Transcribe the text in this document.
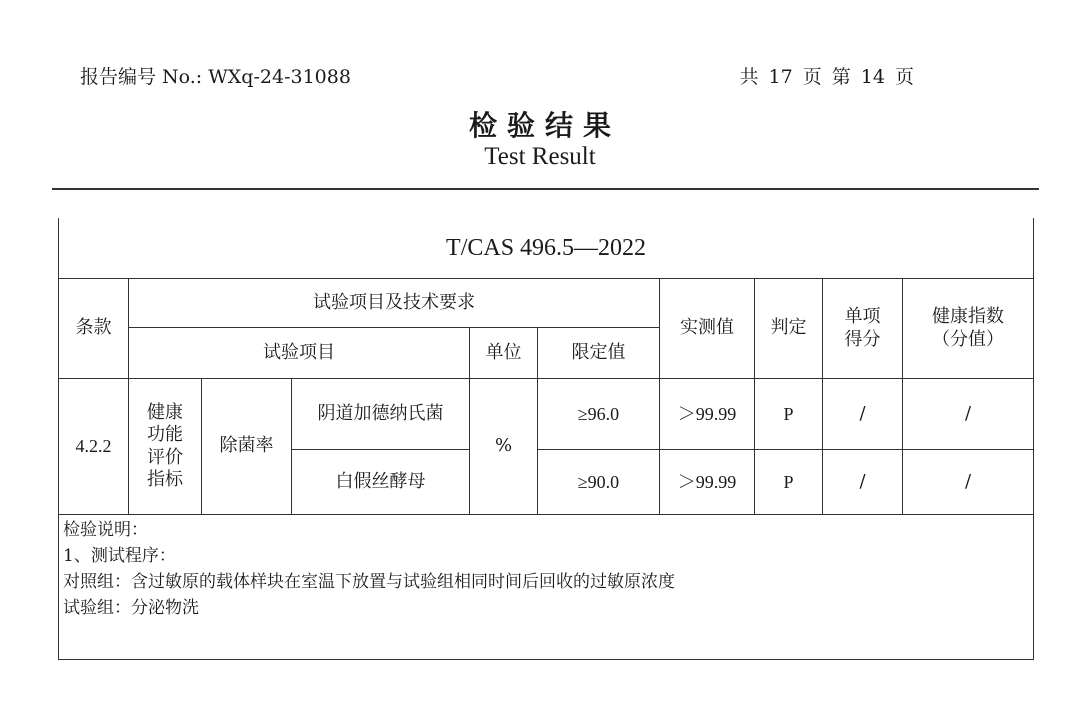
报告编号 No.: WXq-24-31088	共 17 页 第 14 页
检验结果
Test Result
T/CAS 496.5—2022									
条款	试验项目及技术要求					实测值	判定	单项得分	健康指数（分值）
	试验项目			单位	限定值				
4.2.2	健康功能评价指标	除菌率	阴道加德纳氏菌	%	≥96.0	＞99.99	P	/	/
			白假丝酵母		≥90.0	＞99.99	P	/	/

检验说明：
1、测试程序：
对照组：含过敏原的载体样块在室温下放置与试验组相同时间后回收的过敏原浓度
试验组：分泌物洗									
